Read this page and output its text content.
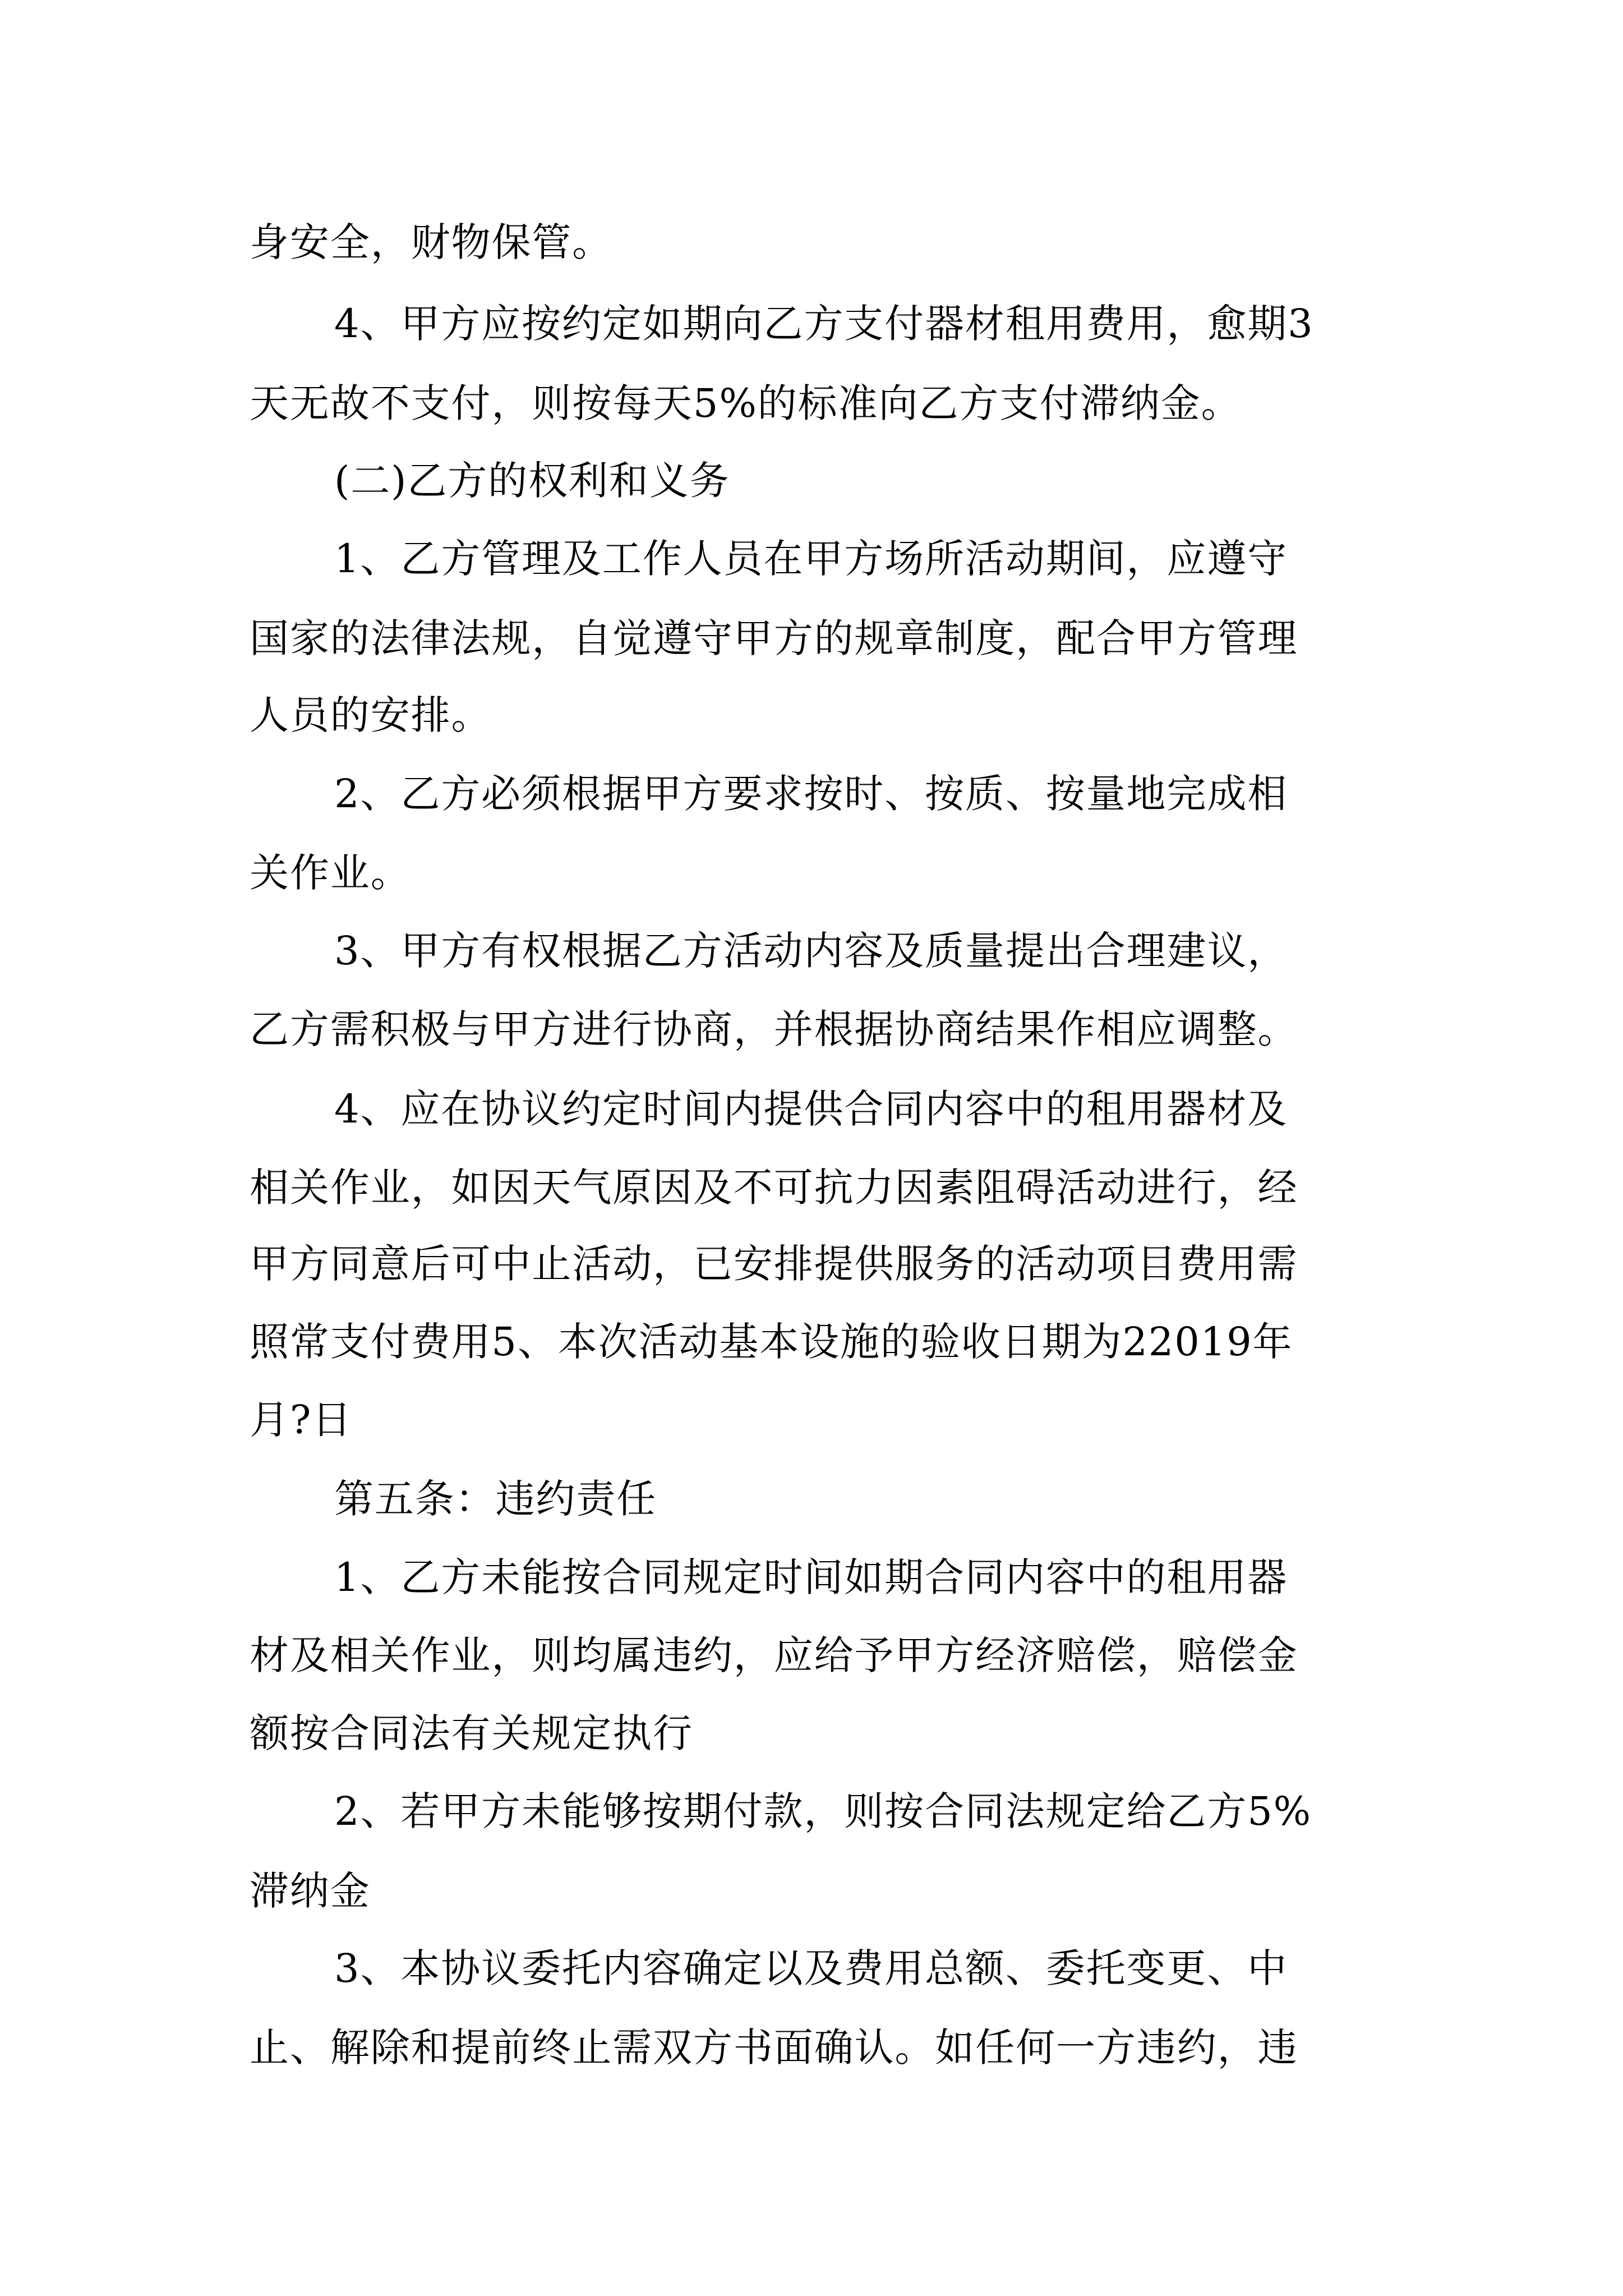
身安全，财物保管。

4、甲方应按约定如期向乙方支付器材租用费用，愈期3

天无故不支付，则按每天5%的标准向乙方支付滞纳金。

(二)乙方的权利和义务

1、乙方管理及工作人员在甲方场所活动期间，应遵守

国家的法律法规，自觉遵守甲方的规章制度，配合甲方管理

人员的安排。

2、乙方必须根据甲方要求按时、按质、按量地完成相

关作业。

3、甲方有权根据乙方活动内容及质量提出合理建议，

乙方需积极与甲方进行协商，并根据协商结果作相应调整。

4、应在协议约定时间内提供合同内容中的租用器材及

相关作业，如因天气原因及不可抗力因素阻碍活动进行，经

甲方同意后可中止活动，已安排提供服务的活动项目费用需

照常支付费用5、本次活动基本设施的验收日期为22019年

月?日

第五条：违约责任

1、乙方未能按合同规定时间如期合同内容中的租用器

材及相关作业，则均属违约，应给予甲方经济赔偿，赔偿金

额按合同法有关规定执行

2、若甲方未能够按期付款，则按合同法规定给乙方5%

滞纳金

3、本协议委托内容确定以及费用总额、委托变更、中

止、解除和提前终止需双方书面确认。如任何一方违约，违
